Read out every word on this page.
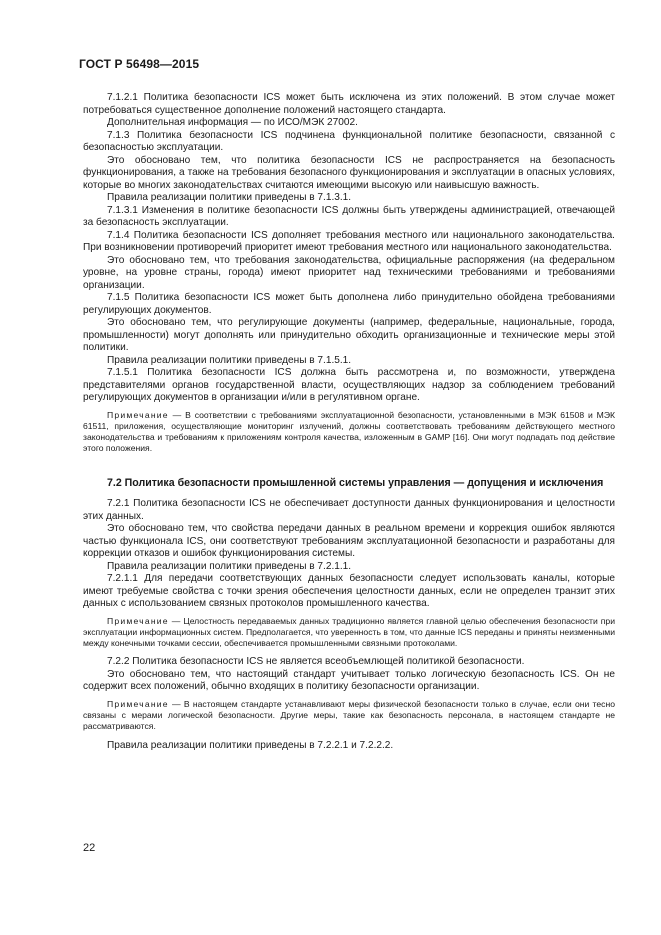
ГОСТ Р 56498—2015

7.1.2.1 Политика безопасности ICS может быть исключена из этих положений. В этом случае может потребоваться существенное дополнение положений настоящего стандарта.

Дополнительная информация — по ИСО/МЭК 27002.

7.1.3 Политика безопасности ICS подчинена функциональной политике безопасности, связанной с безопасностью эксплуатации.

Это обосновано тем, что политика безопасности ICS не распространяется на безопасность функционирования, а также на требования безопасного функционирования и эксплуатации в опасных условиях, которые во многих законодательствах считаются имеющими высокую или наивысшую важность.

Правила реализации политики приведены в 7.1.3.1.

7.1.3.1 Изменения в политике безопасности ICS должны быть утверждены администрацией, отвечающей за безопасность эксплуатации.

7.1.4 Политика безопасности ICS дополняет требования местного или национального законодательства. При возникновении противоречий приоритет имеют требования местного или национального законодательства.

Это обосновано тем, что требования законодательства, официальные распоряжения (на федеральном уровне, на уровне страны, города) имеют приоритет над техническими требованиями и требованиями организации.

7.1.5 Политика безопасности ICS может быть дополнена либо принудительно обойдена требованиями регулирующих документов.

Это обосновано тем, что регулирующие документы (например, федеральные, национальные, города, промышленности) могут дополнять или принудительно обходить организационные и технические меры этой политики.

Правила реализации политики приведены в 7.1.5.1.

7.1.5.1 Политика безопасности ICS должна быть рассмотрена и, по возможности, утверждена представителями органов государственной власти, осуществляющих надзор за соблюдением требований регулирующих документов в организации и/или в регулятивном органе.

Примечание — В соответствии с требованиями эксплуатационной безопасности, установленными в МЭК 61508 и МЭК 61511, приложения, осуществляющие мониторинг излучений, должны соответствовать требованиям действующего местного законодательства и требованиям к приложениям контроля качества, изложенным в GAMP [16]. Они могут подпадать под действие этого положения.

7.2 Политика безопасности промышленной системы управления — допущения и исключения

7.2.1 Политика безопасности ICS не обеспечивает доступности данных функционирования и целостности этих данных.

Это обосновано тем, что свойства передачи данных в реальном времени и коррекция ошибок являются частью функционала ICS, они соответствуют требованиям эксплуатационной безопасности и разработаны для коррекции отказов и ошибок функционирования системы.

Правила реализации политики приведены в 7.2.1.1.

7.2.1.1 Для передачи соответствующих данных безопасности следует использовать каналы, которые имеют требуемые свойства с точки зрения обеспечения целостности данных, если не определен транзит этих данных с использованием связных протоколов промышленного качества.

Примечание — Целостность передаваемых данных традиционно является главной целью обеспечения безопасности при эксплуатации информационных систем. Предполагается, что уверенность в том, что данные ICS переданы и приняты неизменными между конечными точками сессии, обеспечивается промышленными связными протоколами.

7.2.2 Политика безопасности ICS не является всеобъемлющей политикой безопасности.

Это обосновано тем, что настоящий стандарт учитывает только логическую безопасность ICS. Он не содержит всех положений, обычно входящих в политику безопасности организации.

Примечание — В настоящем стандарте устанавливают меры физической безопасности только в случае, если они тесно связаны с мерами логической безопасности. Другие меры, такие как безопасность персонала, в настоящем стандарте не рассматриваются.

Правила реализации политики приведены в 7.2.2.1 и 7.2.2.2.

22
